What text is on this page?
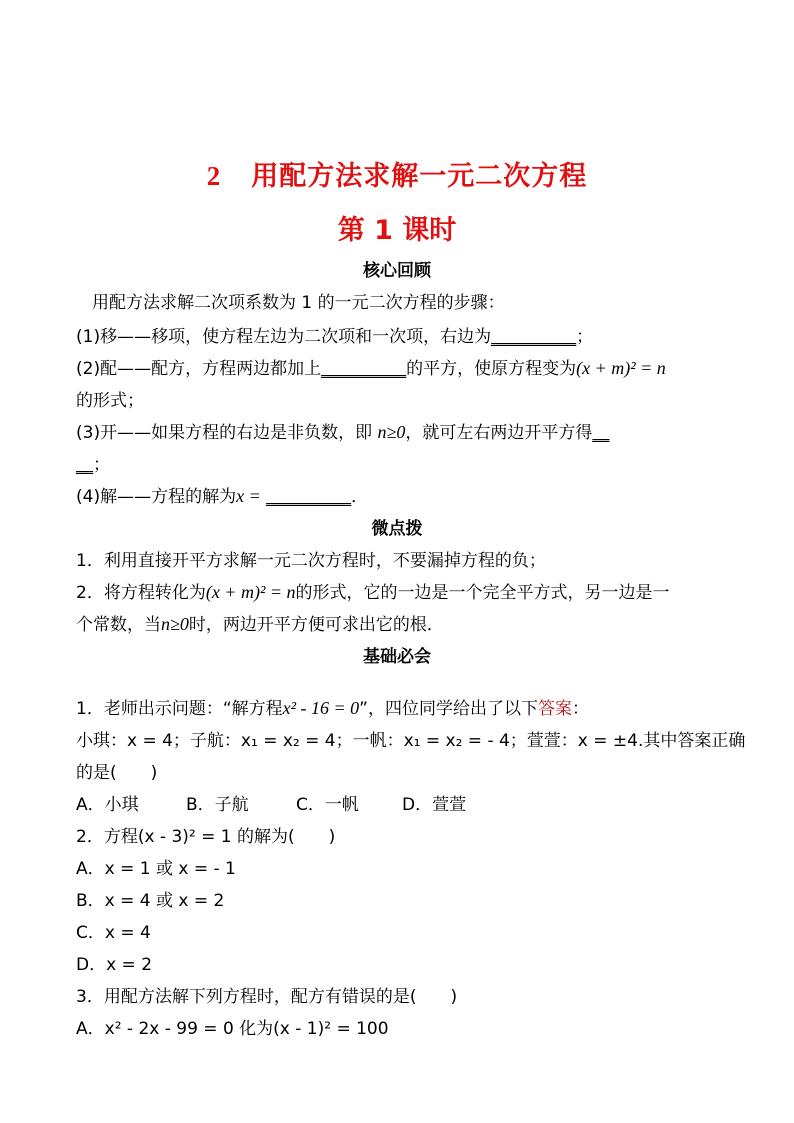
2 用配方法求解一元二次方程
第 1 课时
核心回顾
用配方法求解二次项系数为 1 的一元二次方程的步骤：
(1)移——移项，使方程左边为二次项和一次项，右边为__________；
(2)配——配方，方程两边都加上__________的平方，使原方程变为(x + m)² = n
的形式；
(3)开——如果方程的右边是非负数，即 n≥0，就可左右两边开平方得__
__；
(4)解——方程的解为x = __________．
微点拨
1．利用直接开平方求解一元二次方程时，不要漏掉方程的负；
2．将方程转化为(x + m)² = n的形式，它的一边是一个完全平方式，另一边是一
个常数，当n≥0时，两边开平方便可求出它的根．
基础必会
1．老师出示问题：“解方程x² - 16 = 0”，四位同学给出了以下答案：
小琪：x = 4；子航：x₁ = x₂ = 4；一帆：x₁ = x₂ = - 4；萱萱：x = ±4.其中答案正确
的是(　　)
A．小琪	B．子航	C．一帆	D．萱萱
2．方程(x - 3)² = 1 的解为(　　)
A．x = 1 或 x = - 1
B．x = 4 或 x = 2
C．x = 4
D．x = 2
3．用配方法解下列方程时，配方有错误的是(　　)
A．x² - 2x - 99 = 0 化为(x - 1)² = 100
